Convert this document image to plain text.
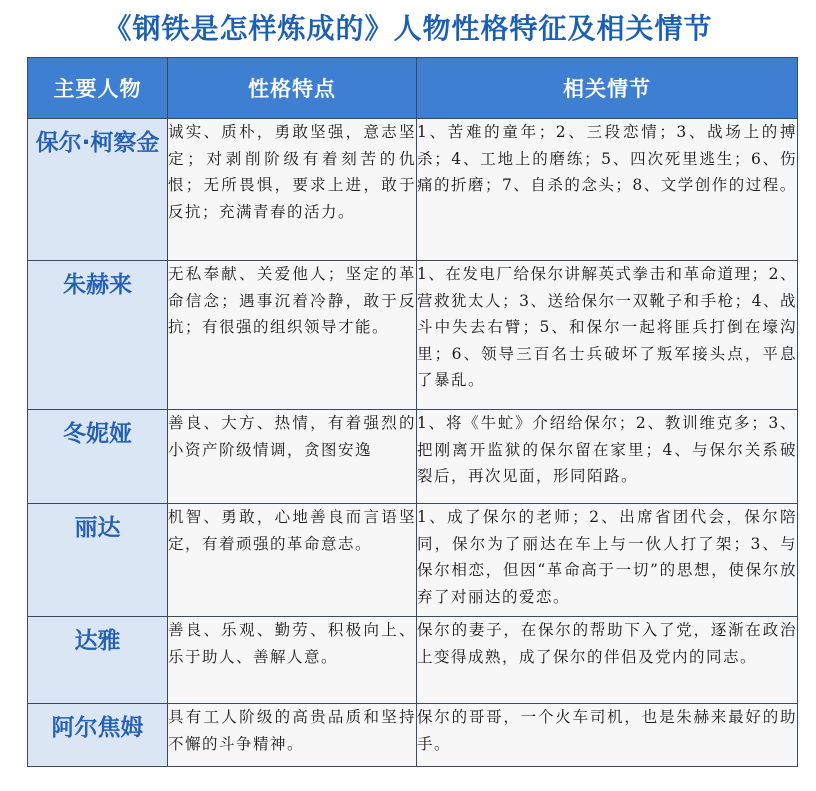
《钢铁是怎样炼成的》人物性格特征及相关情节
主要人物	性格特点	相关情节
保尔·柯察金	诚实、质朴，勇敢坚强，意志坚定；对剥削阶级有着刻苦的仇恨；无所畏惧，要求上进，敢于反抗；充满青春的活力。	1、苦难的童年；2、三段恋情；3、战场上的搏杀；4、工地上的磨练；5、四次死里逃生；6、伤痛的折磨；7、自杀的念头；8、文学创作的过程。
朱赫来	无私奉献、关爱他人；坚定的革命信念；遇事沉着冷静，敢于反抗；有很强的组织领导才能。	1、在发电厂给保尔讲解英式拳击和革命道理；2、营救犹太人；3、送给保尔一双靴子和手枪；4、战斗中失去右臂；5、和保尔一起将匪兵打倒在壕沟里；6、领导三百名士兵破坏了叛军接头点，平息了暴乱。
冬妮娅	善良、大方、热情，有着强烈的小资产阶级情调，贪图安逸	1、将《牛虻》介绍给保尔；2、教训维克多；3、把刚离开监狱的保尔留在家里；4、与保尔关系破裂后，再次见面，形同陌路。
丽达	机智、勇敢，心地善良而言语坚定，有着顽强的革命意志。	1、成了保尔的老师；2、出席省团代会，保尔陪同，保尔为了丽达在车上与一伙人打了架；3、与保尔相恋，但因“革命高于一切”的思想，使保尔放弃了对丽达的爱恋。
达雅	善良、乐观、勤劳、积极向上、乐于助人、善解人意。	保尔的妻子，在保尔的帮助下入了党，逐渐在政治上变得成熟，成了保尔的伴侣及党内的同志。
阿尔焦姆	具有工人阶级的高贵品质和坚持不懈的斗争精神。	保尔的哥哥，一个火车司机，也是朱赫来最好的助手。
